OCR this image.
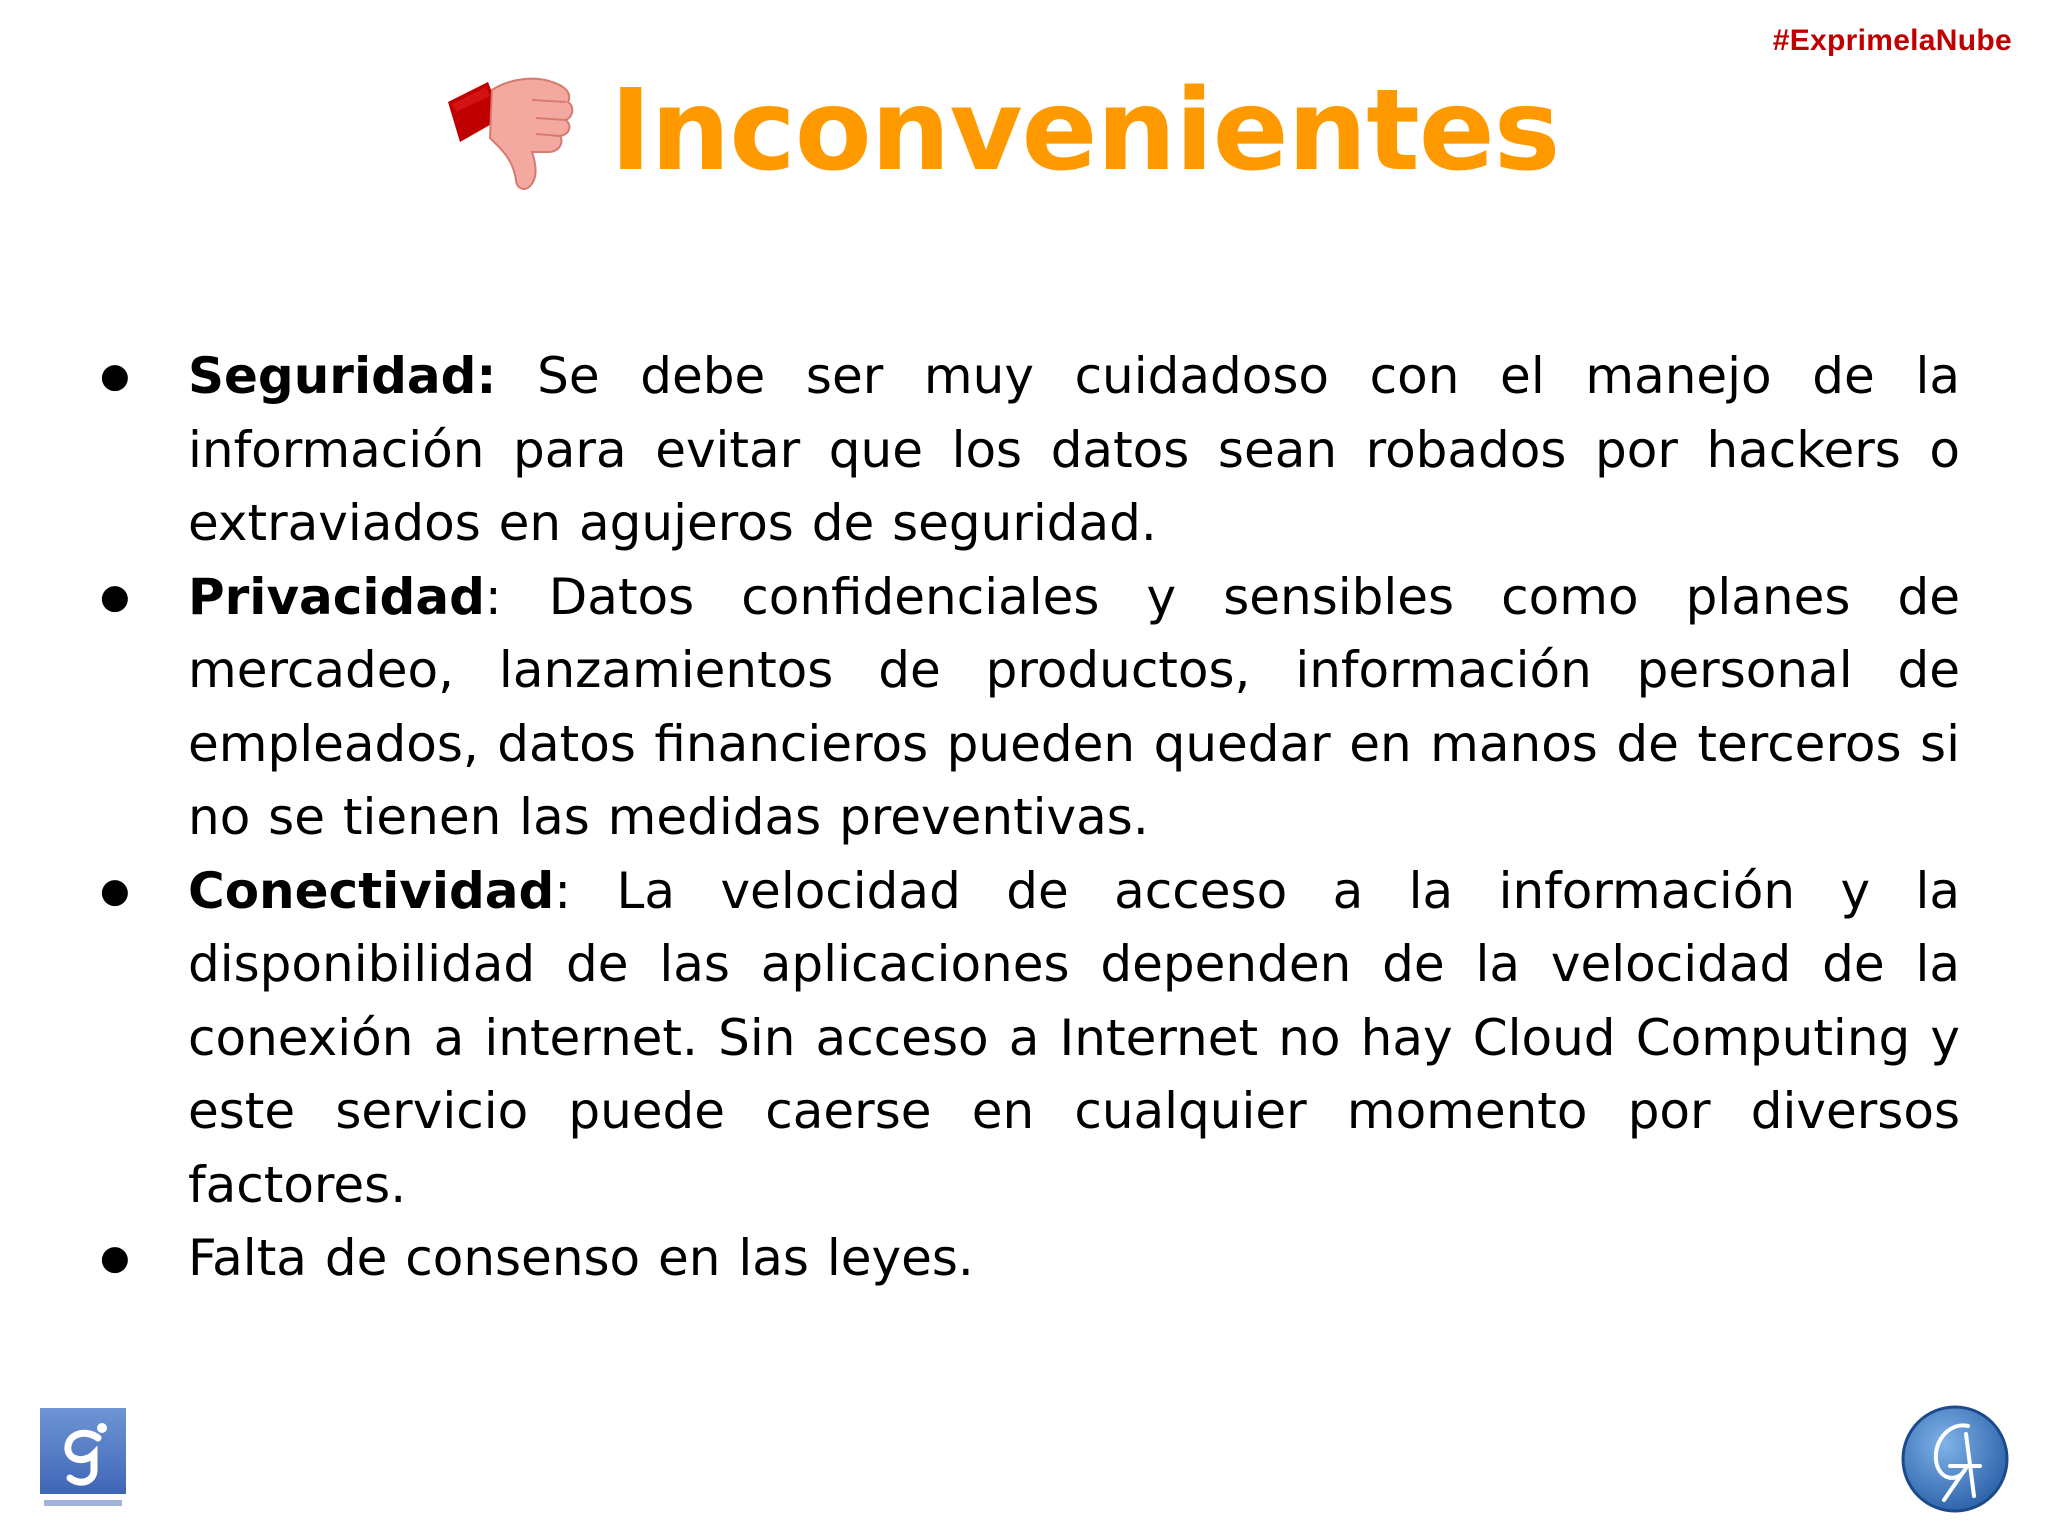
#ExprimelaNube
Inconvenientes
● Seguridad: Se debe ser muy cuidadoso con el manejo de la información para evitar que los datos sean robados por hackers o extraviados en agujeros de seguridad.
● Privacidad: Datos confidenciales y sensibles como planes de mercadeo, lanzamientos de productos, información personal de empleados, datos financieros pueden quedar en manos de terceros si no se tienen las medidas preventivas.
● Conectividad: La velocidad de acceso a la información y la disponibilidad de las aplicaciones dependen de la velocidad de la conexión a internet. Sin acceso a Internet no hay Cloud Computing y este servicio puede caerse en cualquier momento por diversos factores.
● Falta de consenso en las leyes.
